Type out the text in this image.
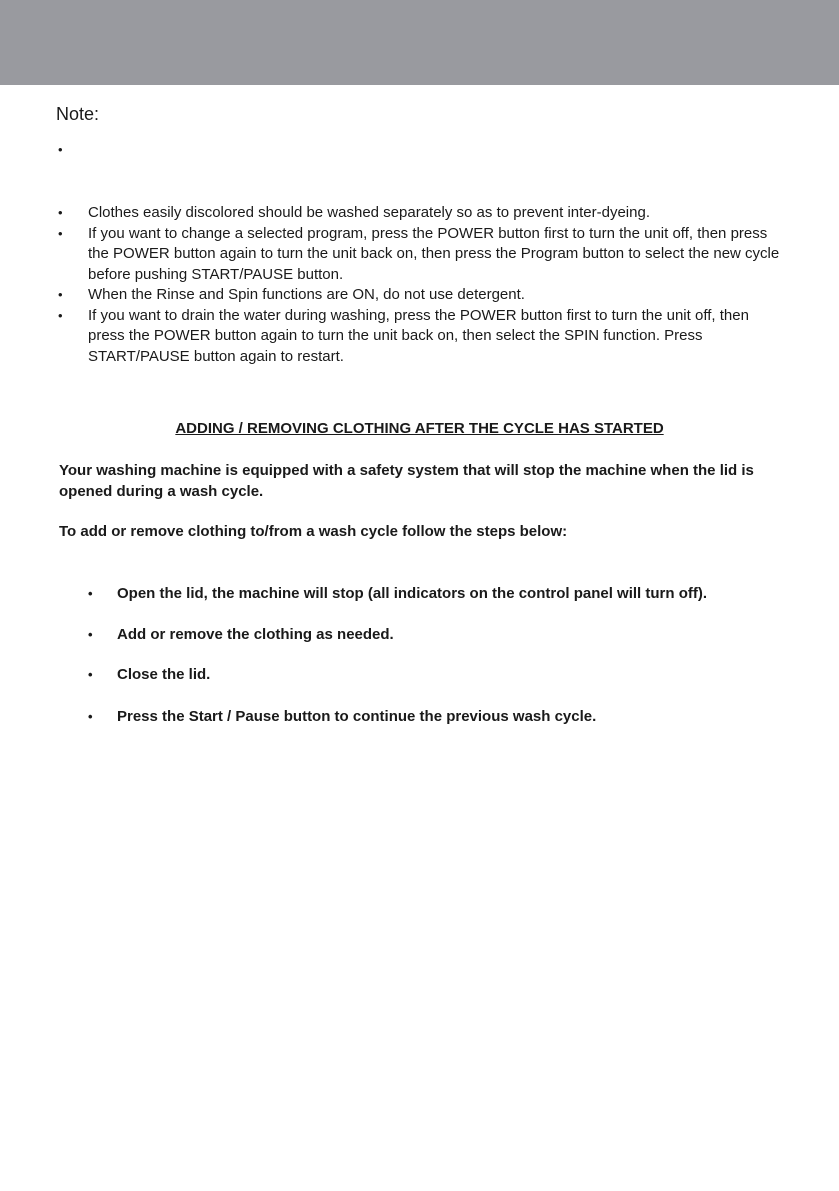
Note:
•
• Clothes easily discolored should be washed separately so as to prevent inter-dyeing.
• If you want to change a selected program, press the POWER button first to turn the unit off, then press the POWER button again to turn the unit back on, then press the Program button to select the new cycle before pushing START/PAUSE button.
• When the Rinse and Spin functions are ON, do not use detergent.
• If you want to drain the water during washing, press the POWER button first to turn the unit off, then press the POWER button again to turn the unit back on, then select the SPIN function. Press START/PAUSE button again to restart.
ADDING / REMOVING CLOTHING AFTER THE CYCLE HAS STARTED

Your washing machine is equipped with a safety system that will stop the machine when the lid is opened during a wash cycle.

To add or remove clothing to/from a wash cycle follow the steps below:

• Open the lid, the machine will stop (all indicators on the control panel will turn off).
• Add or remove the clothing as needed.
• Close the lid.
• Press the Start / Pause button to continue the previous wash cycle.
